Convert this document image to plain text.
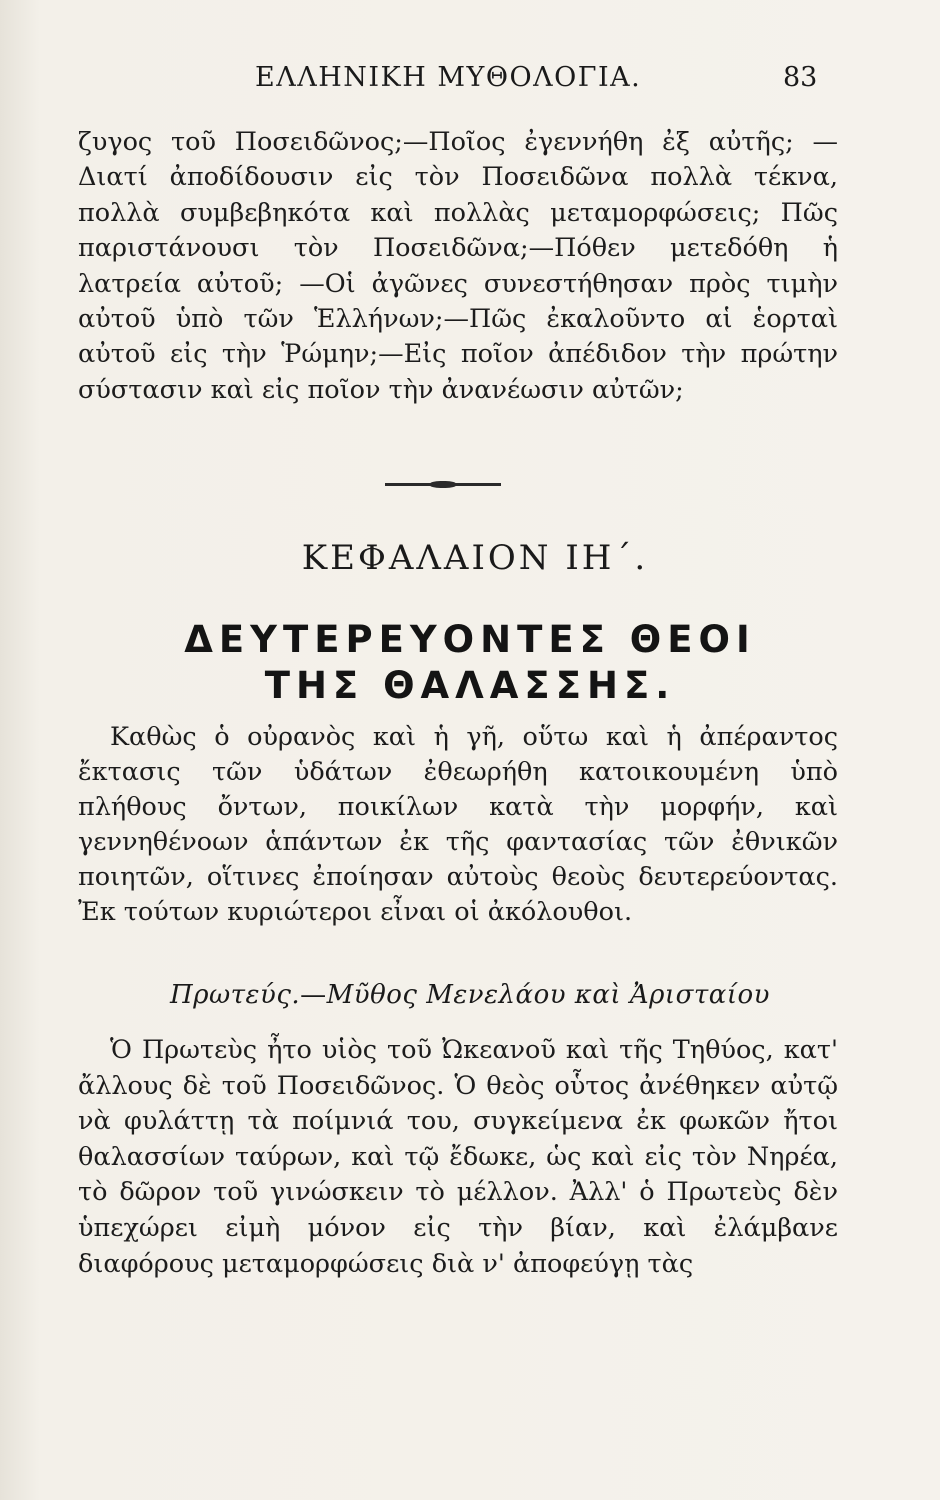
ΕΛΛΗΝΙΚΗ ΜΥΘΟΛΟΓΙΑ.	83

ζυγος τοῦ Ποσειδῶνος;—Ποῖος ἐγεννήθη ἐξ αὐτῆς; — Διατί ἀποδίδουσιν εἰς τὸν Ποσειδῶνα πολλὰ τέκνα, πολλὰ συμβεβηκότα καὶ πολλὰς μεταμορφώσεις; Πῶς παριστάνουσι τὸν Ποσειδῶνα;—Πόθεν μετεδόθη ἡ λατρεία αὐτοῦ; —Οἱ ἀγῶνες συνεστήθησαν πρὸς τιμὴν αὐτοῦ ὑπὸ τῶν Ἑλλήνων;—Πῶς ἐκαλοῦντο αἱ ἑορταὶ αὐτοῦ εἰς τὴν Ῥώμην;—Εἰς ποῖον ἀπέδιδον τὴν πρώτην σύστασιν καὶ εἰς ποῖον τὴν ἀνανέωσιν αὐτῶν;

ΚΕΦΑΛΑΙΟΝ ΙΗ΄.
ΔΕΥΤΕΡΕΥΟΝΤΕΣ ΘΕΟΙ
ΤΗΣ ΘΑΛΑΣΣΗΣ.

Καθὼς ὁ οὐρανὸς καὶ ἡ γῆ, οὕτω καὶ ἡ ἀπέραντος ἔκτασις τῶν ὑδάτων ἐθεωρήθη κατοικουμένη ὑπὸ πλήθους ὄντων, ποικίλων κατὰ τὴν μορφήν, καὶ γεννηθένοων ἁπάντων ἐκ τῆς φαντασίας τῶν ἐθνικῶν ποιητῶν, οἵτινες ἐποίησαν αὐτοὺς θεοὺς δευτερεύοντας. Ἐκ τούτων κυριώτεροι εἶναι οἱ ἀκόλουθοι.

Πρωτεύς.—Μῦθος Μενελάου καὶ Ἀρισταίου

Ὁ Πρωτεὺς ἦτο υἱὸς τοῦ Ὠκεανοῦ καὶ τῆς Τηθύος, κατ' ἄλλους δὲ τοῦ Ποσειδῶνος. Ὁ θεὸς οὗτος ἀνέθηκεν αὐτῷ νὰ φυλάττῃ τὰ ποίμνιά του, συγκείμενα ἐκ φωκῶν ἤτοι θαλασσίων ταύρων, καὶ τῷ ἔδωκε, ὡς καὶ εἰς τὸν Νηρέα, τὸ δῶρον τοῦ γινώσκειν τὸ μέλλον. Ἀλλ' ὁ Πρωτεὺς δὲν ὑπεχώρει εἰμὴ μόνον εἰς τὴν βίαν, καὶ ἐλάμβανε διαφόρους μεταμορφώσεις διὰ ν' ἀποφεύγῃ τὰς
